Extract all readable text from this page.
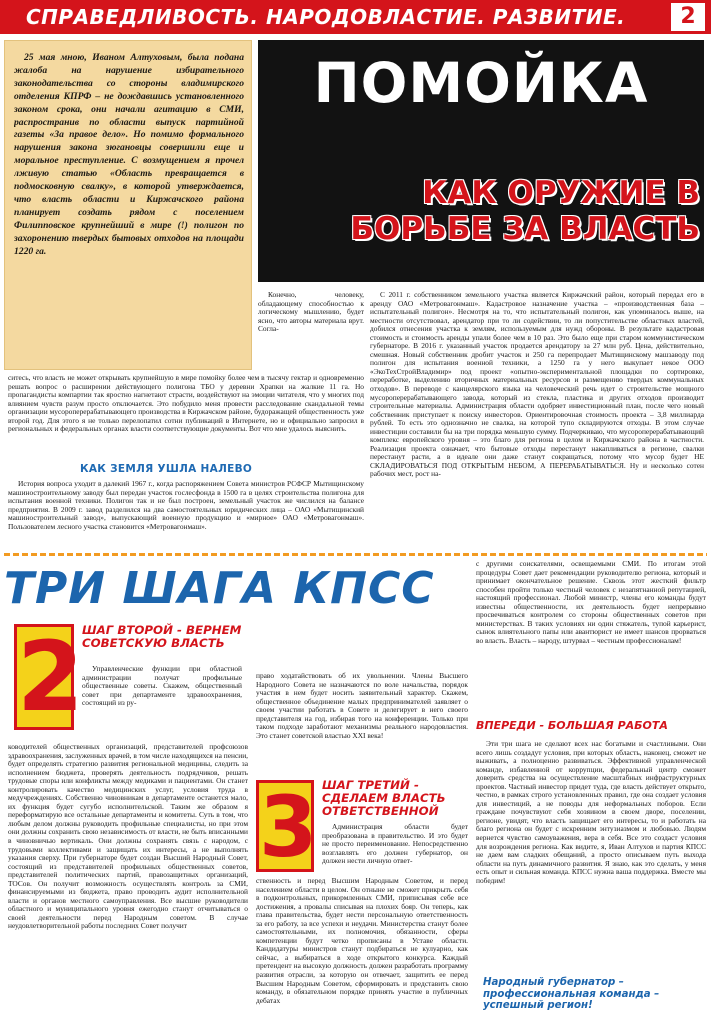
СПРАВЕДЛИВОСТЬ. НАРОДОВЛАСТИЕ. РАЗВИТИЕ.	2

25 мая мною, Иваном Алтуховым, была подана жалоба на нарушение избирательного законодательства со стороны владимирского отделения КПРФ – не дождавшись установленного законом срока, они начали агитацию в СМИ, распространив по области выпуск партийной газеты «За правое дело». Но помимо формального нарушения закона зюгановцы совершили еще и моральное преступление. С возмущением я прочел лживую статью «Область превращается в подмосковную свалку», в которой утверждается, что власть области и Киржачского района планирует создать рядом с поселением Филипповское крупнейший в мире (!) полигон по захоронению твердых бытовых отходов на площади 1220 га.

ПОМОЙКА
КАК ОРУЖИЕ В
БОРЬБЕ ЗА ВЛАСТЬ

Конечно, человеку, обладающему способностью к логическому мышлению, будет ясно, что авторы материала врут. Согла-

ситесь, что власть не может открывать крупнейшую в мире помойку более чем в тысячу гектар и одновременно решать вопрос о расширении действующего полигона ТБО у деревни Храпки на жалкие 11 га. Но пропагандисты компартии так яростно нагнетают страсти, воздействуют на эмоции читателя, что у многих под влиянием чувств разум просто отключается. Это побудило меня провести расследование скандальной темы организации мусороперерабатывающего производства в Киржачском районе, будоражащей общественность уже второй год. Для этого я не только перелопатил сотни публикаций в Интернете, но и официально запросил в региональных и федеральных органах власти соответствующие документы. Вот что мне удалось выяснить.

КАК ЗЕМЛЯ УШЛА НАЛЕВО

История вопроса уходит в далекий 1967 г., когда распоряжением Совета министров РСФСР Мытищинскому машиностроительному заводу был передан участок гослесфонда в 1500 га в целях строительства полигона для испытания военной техники. Полигон так и не был построен, земельный участок же числился на балансе предприятия. В 2009 г. завод разделился на два самостоятельных юридических лица – ОАО «Мытищинский машиностроительный завод», выпускающий военную продукцию и «мирное» ОАО «Метровагонмаш». Пользователем лесного участка становится «Метровагонмаш».

С 2011 г. собственником земельного участка является Киржачский район, который передал его в аренду ОАО «Метровагонмаш». Кадастровое назначение участка – «производственная база – испытательный полигон». Несмотря на то, что испытательный полигон, как упоминалось выше, на местности отсутствовал, арендатор при то ли содействии, то ли попустительстве областных властей, добился отнесения участка к землям, используемым для нужд обороны. В результате кадастровая стоимость и стоимость аренды упали более чем в 10 раз. Это было еще при старом коммунистическом губернаторе. В 2016 г. указанный участок продается арендатору за 27 млн руб. Цена, действительно, смешная. Новый собственник дробит участок и 250 га перепродает Мытищинскому машзаводу под полигон для испытания военной техники, а 1250 га у него выкупает некое ООО «ЭкоТехСтройВладимир» под проект «опытно-экспериментальной площадки по сортировке, переработке, выделению вторичных материальных ресурсов и размещению твердых коммунальных отходов». В переводе с канцелярского языка на человеческий речь идет о строительстве мощного мусороперерабатывающего завода, который из стекла, пластика и других отходов производит строительные материалы. Администрация области одобряет инвестиционный план, после чего новый собственник приступает к поиску инвесторов. Ориентировочная стоимость проекта – 3,8 миллиарда рублей. То есть это однозначно не свалка, на которой тупо складируются отходы. В этом случае инвестиции составили бы на три порядка меньшую сумму. Подчеркиваю, что мусороперерабатывающий комплекс европейского уровня – это благо для региона в целом и Киржачского района в частности. Реализация проекта означает, что бытовые отходы перестанут накапливаться в регионе, свалки перестанут расти, а в идеале они даже станут сокращаться, потому что мусор будет НЕ СКЛАДИРОВАТЬСЯ ПОД ОТКРЫТЫМ НЕБОМ, А ПЕРЕРАБАТЫВАТЬСЯ. Ну и несколько сотен рабочих мест, рост на-

ТРИ ШАГА КПСС
2
ШАГ ВТОРОЙ - ВЕРНЕМ СОВЕТСКУЮ ВЛАСТЬ

Управленческие функции при областной администрации получат профильные общественные советы. Скажем, общественный совет при департаменте здравоохранения, состоящий из ру-

ководителей общественных организаций, представителей профсоюзов здравоохранения, заслуженных врачей, в том числе находящихся на пенсии, будет определять стратегию развития региональной медицины, следить за исполнением бюджета, проверять деятельность подрядчиков, решать трудовые споры или конфликты между медиками и пациентами. Он станет контролировать качество медицинских услуг, условия труда в медучреждениях. Собственно чиновникам в департаменте останется мало, их функция будет сугубо исполнительской. Таким же образом я переформатирую все остальные департаменты и комитеты. Суть в том, что любым делом должны руководить профильные специалисты, но при этом они должны сохранить свою независимость от власти, не быть вписанными в чиновничью вертикаль. Они должны сохранять связь с народом, с трудовыми коллективами и защищать их интересы, а не выполнять указания сверху. При губернаторе будет создан Высший Народный Совет, состоящий из представителей профильных общественных советов, представителей политических партий, правозащитных организаций, ТОСов. Он получит возможность осуществлять контроль за СМИ, финансируемыми из бюджета, право проводить аудит исполнительной власти и органов местного самоуправления. Все высшие руководители областного и муниципального уровня ежегодно станут отчитываться о своей деятельности перед Народным советом. В случае неудовлетворительной работы последних Совет получит

право ходатайствовать об их увольнении. Члены Высшего Народного Совета не назначаются по воле начальства, порядок участия в нем будет носить заявительный характер. Скажем, общественное объединение малых предпринимателей заявляет о своем участии работать в Совете и делегирует в него своего представителя на год, избирая того на конференции. Только при таком подходе заработают механизмы реального народовластия. Это станет советской властью XXI века!

3 ШАГ ТРЕТИЙ - СДЕЛАЕМ ВЛАСТЬ ОТВЕТСТВЕННОЙ

Администрация области будет преобразована в правительство. И это будет не просто переименование. Непосредственно возглавлять его должен губернатор, он должен нести личную ответ-

ственность и перед Высшим Народным Советом, и перед населением области в целом. Он отныне не сможет прикрыть себя в подконтрольных, прикормленных СМИ, приписывая себе все достижения, а провалы списывая на плохих бояр. Он теперь, как глава правительства, будет нести персональную ответственность за его работу, за все успехи и неудачи. Министерства станут более самостоятельными, их полномочия, обязанности, сферы компетенции будут четко прописаны в Уставе области. Кандидатуры министров станут подбираться не кулуарно, как сейчас, а выбираться в ходе открытого конкурса. Каждый претендент на высокую должность должен разработать программу развития отрасли, за которую он отвечает, защитить ее перед Высшим Народным Советом, сформировать и представить свою команду, в обязательном порядке принять участие в публичных дебатах

с другими соискателями, освещаемыми СМИ. По итогам этой процедуры Совет дает рекомендации руководителю региона, который и принимает окончательное решение. Сквозь этот жесткий фильтр способен пройти только честный человек с незапятнанной репутацией, настоящий профессионал. Любой министр, члены его команды будут известны общественности, их деятельность будет непрерывно просвечиваться контролем со стороны общественных советов при министерствах. В таких условиях ни один стяжатель, тупой карьерист, сынок влиятельного папы или авантюрист не имеет шансов прорваться во власть. Власть – народу, штурвал – честным профессионалам!

ВПЕРЕДИ - БОЛЬШАЯ РАБОТА

Эти три шага не сделают всех нас богатыми и счастливыми. Они всего лишь создадут условия, при которых область, наконец, сможет не выживать, а полноценно развиваться. Эффективной управленческой команде, избавленной от коррупции, федеральный центр сможет доверить средства на осуществление масштабных инфраструктурных проектов. Частный инвестор придет туда, где власть действует открыто, честно, в рамках строго установленных правил, где она создает условия для инвестиций, а не поводы для неформальных поборов. Если граждане почувствуют себя хозяином в своем дворе, поселении, регионе, увидят, что власть защищает его интересы, то и работать на благо региона он будет с искренним энтузиазмом и любовью. Людям вернется чувство самоуважения, вера в себя. Все это создаст условия для возрождения региона. Как видите, я, Иван Алтухов и партия КПСС не даем вам сладких обещаний, а просто описываем путь выхода области на путь динамичного развития. Я знаю, как это сделать, у меня есть опыт и сильная команда. КПСС нужна ваша поддержка. Вместе мы победим!

Народный губернатор – профессиональная команда – успешный регион!
